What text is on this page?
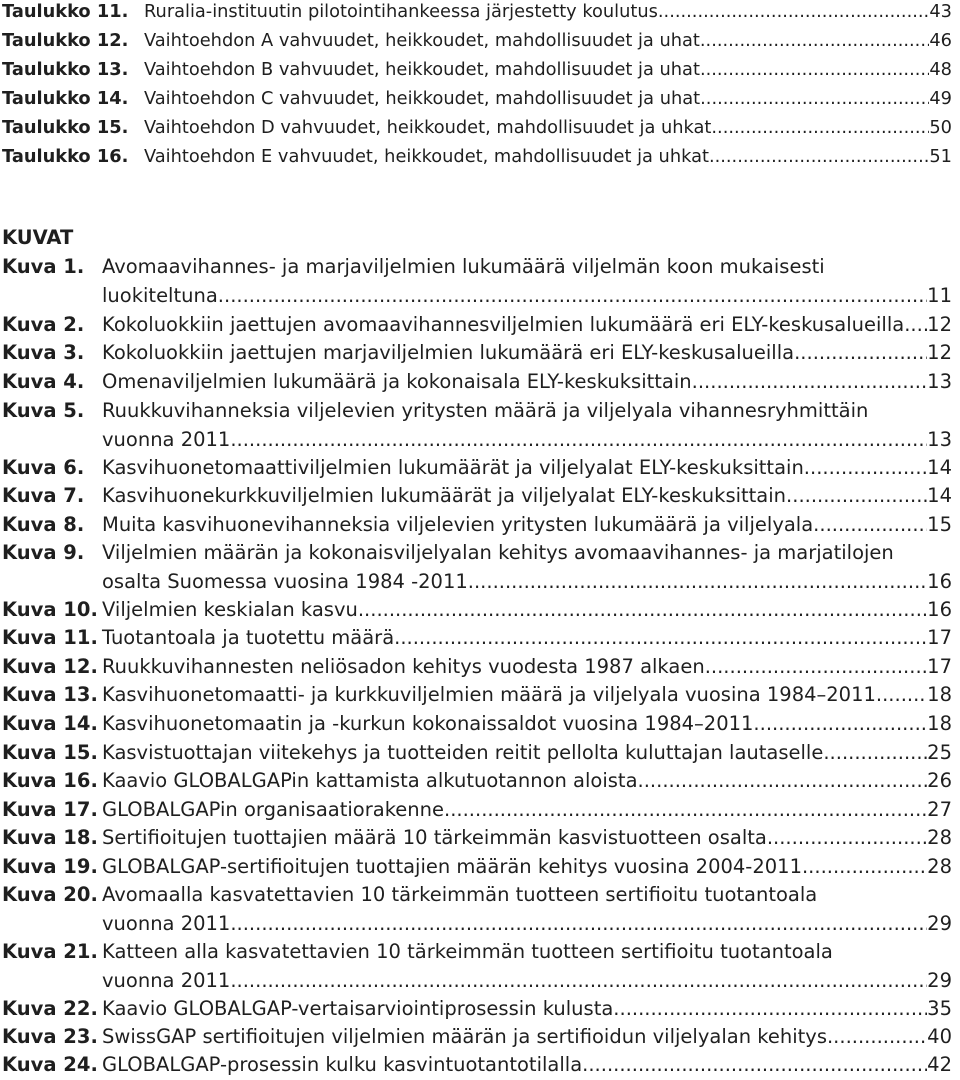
Taulukko 11. Ruralia-instituutin pilotointihankeessa järjestetty koulutus .....	43
Taulukko 12. Vaihtoehdon A vahvuudet, heikkoudet, mahdollisuudet ja uhat .....	46
Taulukko 13. Vaihtoehdon B vahvuudet, heikkoudet, mahdollisuudet ja uhat .....	48
Taulukko 14. Vaihtoehdon C vahvuudet, heikkoudet, mahdollisuudet ja uhat .....	49
Taulukko 15. Vaihtoehdon D vahvuudet, heikkoudet, mahdollisuudet ja uhkat .....	50
Taulukko 16. Vaihtoehdon E vahvuudet, heikkoudet, mahdollisuudet ja uhkat .....	51
KUVAT
Kuva 1. Avomaavihannes- ja marjaviljelmien lukumäärä viljelmän koon mukaisesti
luokiteltuna .....	11
Kuva 2. Kokoluokkiin jaettujen avomaavihannesviljelmien lukumäärä eri ELY-keskusalueilla ..... 12
Kuva 3. Kokoluokkiin jaettujen marjaviljelmien lukumäärä eri ELY-keskusalueilla. .....	12
Kuva 4. Omenaviljelmien lukumäärä ja kokonaisala ELY-keskuksittain .....	13
Kuva 5. Ruukkuvihanneksia viljelevien yritysten määrä ja viljelyala vihannesryhmittäin
vuonna 2011 .....	13
Kuva 6. Kasvihuonetomaattiviljelmien lukumäärät ja viljelyalat ELY-keskuksittain. .....	14
Kuva 7. Kasvihuonekurkkuviljelmien lukumäärät ja viljelyalat ELY-keskuksittain .....	14
Kuva 8. Muita kasvihuonevihanneksia viljelevien yritysten lukumäärä ja viljelyala .....	15
Kuva 9. Viljelmien määrän ja kokonaisviljelyalan kehitys avomaavihannes- ja marjatilojen
osalta Suomessa vuosina 1984 -2011 .....	16
Kuva 10. Viljelmien keskialan kasvu .....	16
Kuva 11. Tuotantoala ja tuotettu määrä .....	17
Kuva 12. Ruukkuvihannesten neliösadon kehitys vuodesta 1987 alkaen .....	17
Kuva 13. Kasvihuonetomaatti- ja kurkkuviljelmien määrä ja viljelyala vuosina 1984–2011. ..... 18
Kuva 14. Kasvihuonetomaatin ja -kurkun kokonaissaldot vuosina 1984–2011 .....	18
Kuva 15. Kasvistuottajan viitekehys ja tuotteiden reitit pellolta kuluttajan lautaselle .....	25
Kuva 16. Kaavio GLOBALGAPin kattamista alkutuotannon aloista .....	26
Kuva 17. GLOBALGAPin organisaatiorakenne .....	27
Kuva 18. Sertifioitujen tuottajien määrä 10 tärkeimmän kasvistuotteen osalta .....	28
Kuva 19. GLOBALGAP-sertifioitujen tuottajien määrän kehitys vuosina 2004-2011 .....	28
Kuva 20. Avomaalla kasvatettavien 10 tärkeimmän tuotteen sertifioitu tuotantoala
vuonna 2011 .....	29
Kuva 21. Katteen alla kasvatettavien 10 tärkeimmän tuotteen sertifioitu tuotantoala
vuonna 2011 .....	29
Kuva 22. Kaavio GLOBALGAP-vertaisarviointiprosessin kulusta .....	35
Kuva 23. SwissGAP sertifioitujen viljelmien määrän ja sertifioidun viljelyalan kehitys .....	40
Kuva 24. GLOBALGAP-prosessin kulku kasvintuotantotilalla .....	42
